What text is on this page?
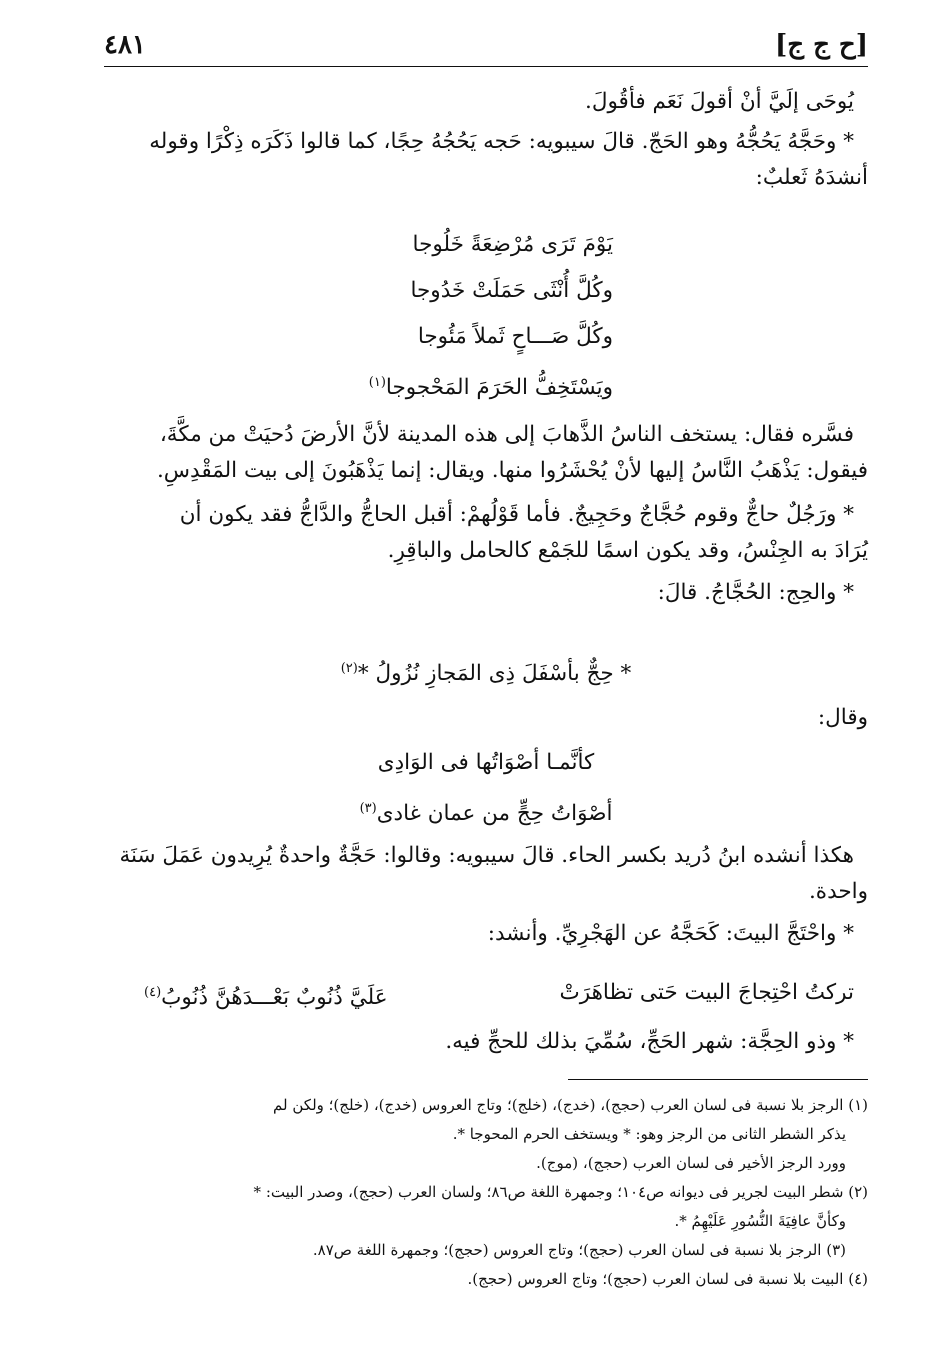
[ح ج ج]
٤٨١

يُوحَى إلَيَّ أنْ أقولَ نَعَم فأقُولَ.

* وحَجَّهُ يَحُجُّهُ وهو الحَجّ. قالَ سيبويه: حَجه يَحُجُهُ حِجًا، كما قالوا ذَكَرَه ذِكْرًا وقوله

أنشدَهُ ثَعلبٌ:

يَوْمَ تَرَى مُرْضِعَةً خَلُوجا
وكُلَّ أُنْثَى حَمَلَتْ خَدُوجا
وكُلَّ صَـــاحٍ ثَملاً مَئُوجا
ويَسْتَخِفُّ الحَرَمَ المَحْجوجا$^{(١)}$

فسَّره فقال: يستخف الناسُ الذَّهابَ إلى هذه المدينة لأنَّ الأرضَ دُحيَتْ من مكَّةَ،

فيقول: يَذْهَبُ النَّاسُ إليها لأنْ يُحْشَرُوا منها. ويقال: إنما يَذْهَبُونَ إلى بيت المَقْدِسِ.

* ورَجُلٌ حاجٌّ وقوم حُجَّاجٌ وحَجِيجٌ. فأما قَوْلُهمْ: أقبل الحاجُّ والدَّاجُّ فقد يكون أن

يُرَادَ به الجِنْسُ، وقد يكون اسمًا للجَمْع كالحامل والباقِرِ.

* والحِج: الحُجَّاجُ. قالَ:

* حِجٌّ بأسْفَلَ ذِى المَجازِ نُزُولُ *$^{(٢)}$

وقال:

كأنَّمـا أصْوَاتُها فى الوَادِى
أصْوَاتُ حِجٍّ من عمان غادى$^{(٣)}$

هكذا أنشده ابنُ دُريد بكسر الحاء. قالَ سيبويه: وقالوا: حَجَّةٌ واحدةٌ يُرِيدون عَمَلَ سَنَة

واحدة.

* واحْتَجَّ البيتَ: كَحَجَّهُ عن الهَجْرِيِّ. وأنشد:

تركتُ احْتِجاجَ البيت حَتى تظاهَرَتْ
عَلَيَّ ذُنُوبٌ بَعْـــدَهُنَّ ذُنُوبُ$^{(٤)}$

* وذو الحِجَّة: شهر الحَجِّ، سُمِّيَ بذلك للحجِّ فيه.

(١) الرجز بلا نسبة فى لسان العرب (حجج)، (خدج)، (خلج)؛ وتاج العروس (خدج)، (خلج)؛ ولكن لم
يذكر الشطر الثانى من الرجز وهو: * ويستخف الحرم المحوجا *.
وورد الرجز الأخير فى لسان العرب (حجج)، (موج).
(٢) شطر البيت لجرير فى ديوانه ص١٠٤؛ وجمهرة اللغة ص٨٦؛ ولسان العرب (حجج)، وصدر البيت: *
وكأنَّ عافِيَةَ النُّسُورِ عَلَيْهِمُ *.
(٣) الرجز بلا نسبة فى لسان العرب (حجج)؛ وتاج العروس (حجج)؛ وجمهرة اللغة ص٨٧.
(٤) البيت بلا نسبة فى لسان العرب (حجج)؛ وتاج العروس (حجج).
